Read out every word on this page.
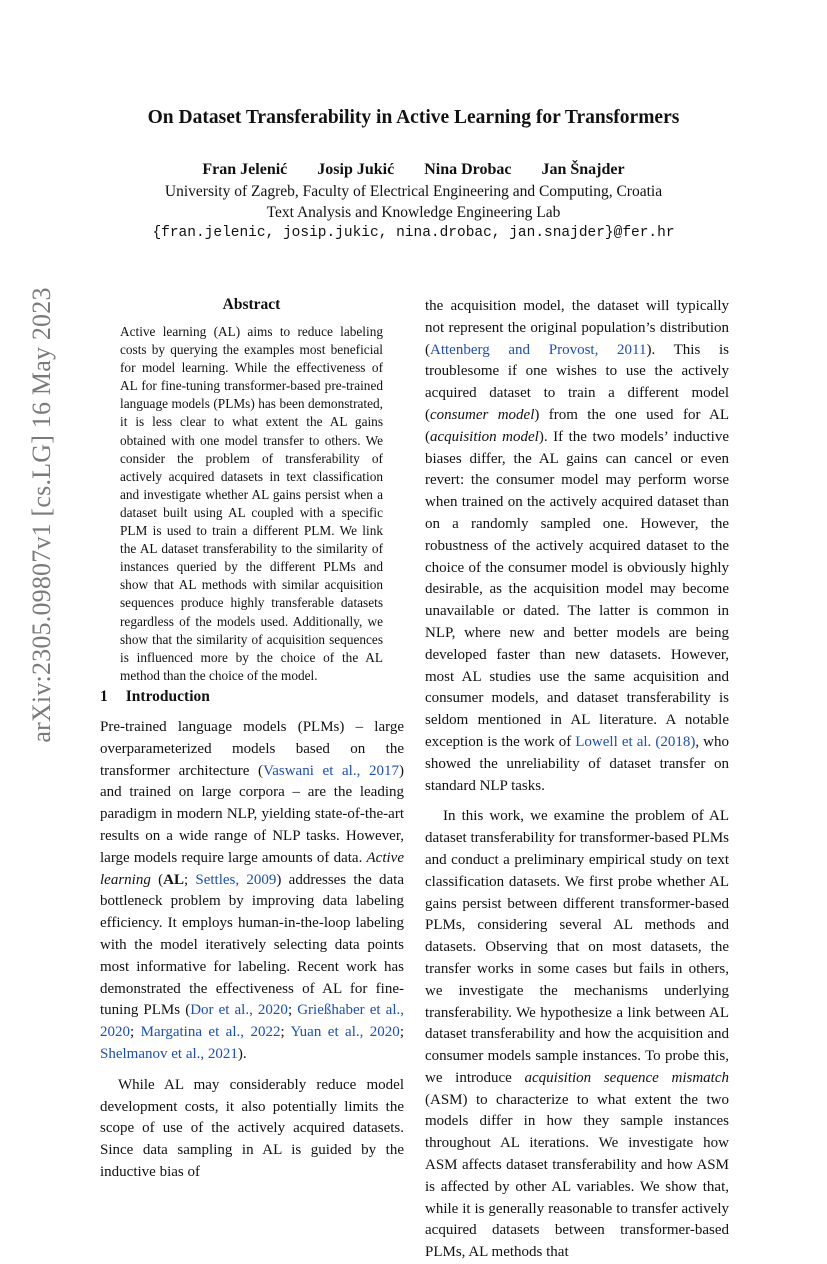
arXiv:2305.09807v1 [cs.LG] 16 May 2023
On Dataset Transferability in Active Learning for Transformers
Fran Jelenić Josip Jukić Nina Drobac Jan Šnajder
University of Zagreb, Faculty of Electrical Engineering and Computing, Croatia
Text Analysis and Knowledge Engineering Lab
{fran.jelenic, josip.jukic, nina.drobac, jan.snajder}@fer.hr
Abstract
Active learning (AL) aims to reduce labeling costs by querying the examples most beneficial for model learning. While the effectiveness of AL for fine-tuning transformer-based pre-trained language models (PLMs) has been demonstrated, it is less clear to what extent the AL gains obtained with one model transfer to others. We consider the problem of transferability of actively acquired datasets in text classification and investigate whether AL gains persist when a dataset built using AL coupled with a specific PLM is used to train a different PLM. We link the AL dataset transferability to the similarity of instances queried by the different PLMs and show that AL methods with similar acquisition sequences produce highly transferable datasets regardless of the models used. Additionally, we show that the similarity of acquisition sequences is influenced more by the choice of the AL method than the choice of the model.
1 Introduction

Pre-trained language models (PLMs) – large overparameterized models based on the transformer architecture (Vaswani et al., 2017) and trained on large corpora – are the leading paradigm in modern NLP, yielding state-of-the-art results on a wide range of NLP tasks. However, large models require large amounts of data. Active learning (AL; Settles, 2009) addresses the data bottleneck problem by improving data labeling efficiency. It employs human-in-the-loop labeling with the model iteratively selecting data points most informative for labeling. Recent work has demonstrated the effectiveness of AL for fine-tuning PLMs (Dor et al., 2020; Grießhaber et al., 2020; Margatina et al., 2022; Yuan et al., 2020; Shelmanov et al., 2021).

While AL may considerably reduce model development costs, it also potentially limits the scope of use of the actively acquired datasets. Since data sampling in AL is guided by the inductive bias of

the acquisition model, the dataset will typically not represent the original population’s distribution (Attenberg and Provost, 2011). This is troublesome if one wishes to use the actively acquired dataset to train a different model (consumer model) from the one used for AL (acquisition model). If the two models’ inductive biases differ, the AL gains can cancel or even revert: the consumer model may perform worse when trained on the actively acquired dataset than on a randomly sampled one. However, the robustness of the actively acquired dataset to the choice of the consumer model is obviously highly desirable, as the acquisition model may become unavailable or dated. The latter is common in NLP, where new and better models are being developed faster than new datasets. However, most AL studies use the same acquisition and consumer models, and dataset transferability is seldom mentioned in AL literature. A notable exception is the work of Lowell et al. (2018), who showed the unreliability of dataset transfer on standard NLP tasks.

In this work, we examine the problem of AL dataset transferability for transformer-based PLMs and conduct a preliminary empirical study on text classification datasets. We first probe whether AL gains persist between different transformer-based PLMs, considering several AL methods and datasets. Observing that on most datasets, the transfer works in some cases but fails in others, we investigate the mechanisms underlying transferability. We hypothesize a link between AL dataset transferability and how the acquisition and consumer models sample instances. To probe this, we introduce acquisition sequence mismatch (ASM) to characterize to what extent the two models differ in how they sample instances throughout AL iterations. We investigate how ASM affects dataset transferability and how ASM is affected by other AL variables. We show that, while it is generally reasonable to transfer actively acquired datasets between transformer-based PLMs, AL methods that
